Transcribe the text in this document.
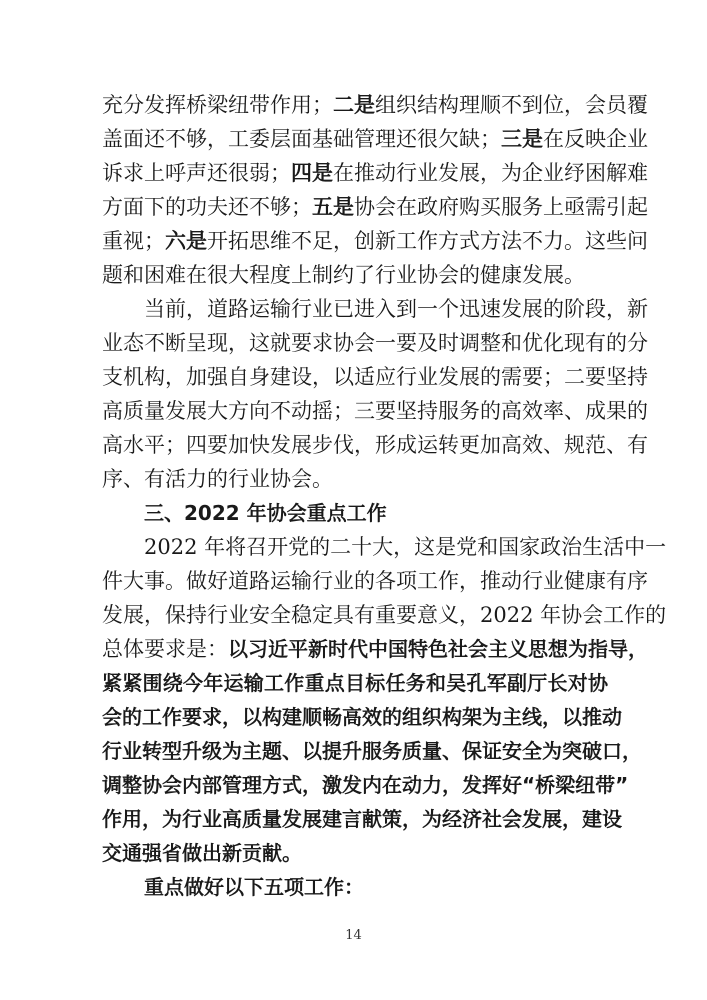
充分发挥桥梁纽带作用；二是组织结构理顺不到位，会员覆
盖面还不够，工委层面基础管理还很欠缺；三是在反映企业
诉求上呼声还很弱；四是在推动行业发展，为企业纾困解难
方面下的功夫还不够；五是协会在政府购买服务上亟需引起
重视；六是开拓思维不足，创新工作方式方法不力。这些问
题和困难在很大程度上制约了行业协会的健康发展。
当前，道路运输行业已进入到一个迅速发展的阶段，新
业态不断呈现，这就要求协会一要及时调整和优化现有的分
支机构，加强自身建设，以适应行业发展的需要；二要坚持
高质量发展大方向不动摇；三要坚持服务的高效率、成果的
高水平；四要加快发展步伐，形成运转更加高效、规范、有
序、有活力的行业协会。
三、2022 年协会重点工作
2022 年将召开党的二十大，这是党和国家政治生活中一
件大事。做好道路运输行业的各项工作，推动行业健康有序
发展，保持行业安全稳定具有重要意义，2022 年协会工作的
总体要求是：以习近平新时代中国特色社会主义思想为指导，
紧紧围绕今年运输工作重点目标任务和吴孔军副厅长对协
会的工作要求，以构建顺畅高效的组织构架为主线，以推动
行业转型升级为主题、以提升服务质量、保证安全为突破口，
调整协会内部管理方式，激发内在动力，发挥好“桥梁纽带”
作用，为行业高质量发展建言献策，为经济社会发展，建设
交通强省做出新贡献。
重点做好以下五项工作：
14
